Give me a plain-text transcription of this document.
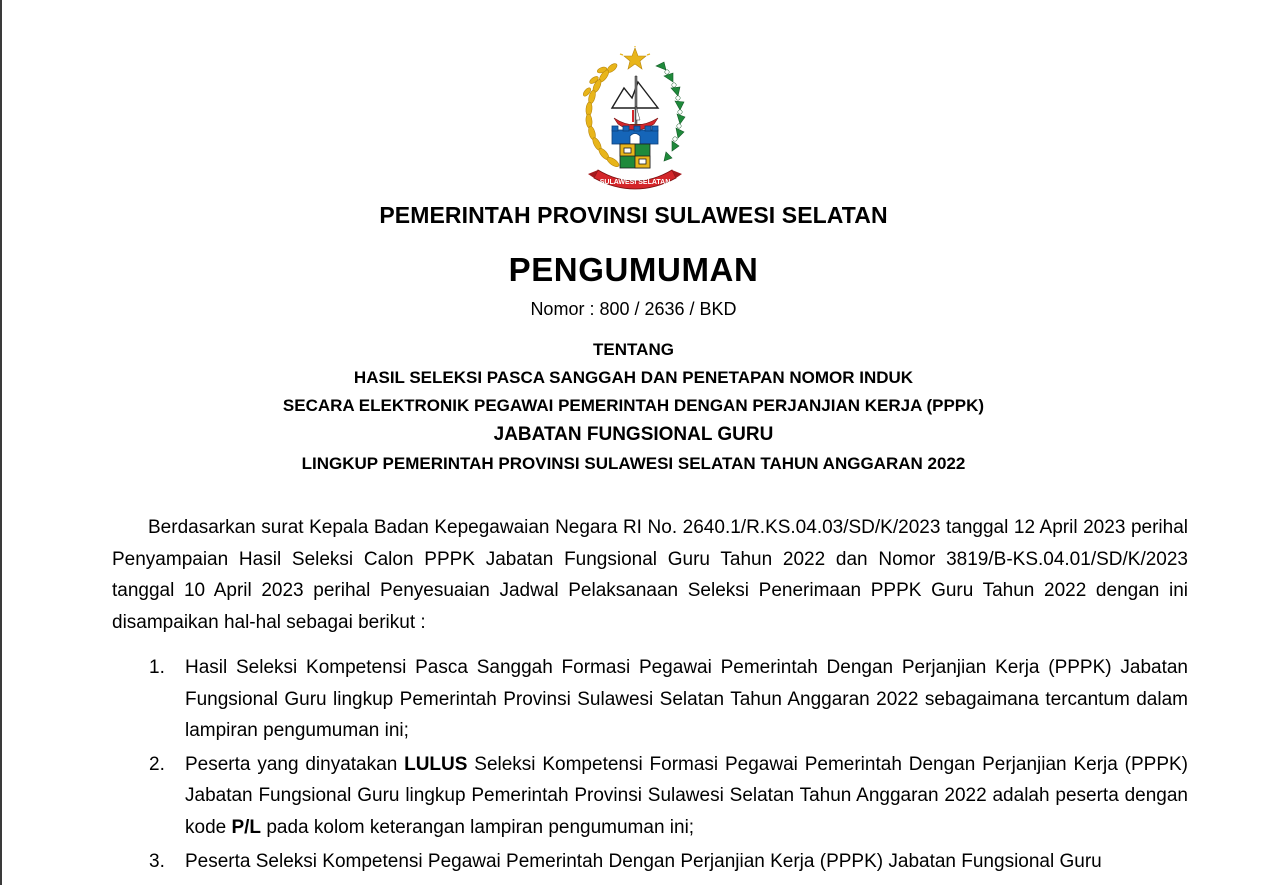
SULAWESI SELATAN
PEMERINTAH PROVINSI SULAWESI SELATAN
PENGUMUMAN
Nomor : 800 / 2636 / BKD
TENTANG
HASIL SELEKSI PASCA SANGGAH DAN PENETAPAN NOMOR INDUK
SECARA ELEKTRONIK PEGAWAI PEMERINTAH DENGAN PERJANJIAN KERJA (PPPK)
JABATAN FUNGSIONAL GURU
LINGKUP PEMERINTAH PROVINSI SULAWESI SELATAN TAHUN ANGGARAN 2022
Berdasarkan surat Kepala Badan Kepegawaian Negara RI No. 2640.1/R.KS.04.03/SD/K/2023 tanggal 12 April 2023 perihal Penyampaian Hasil Seleksi Calon PPPK Jabatan Fungsional Guru Tahun 2022 dan Nomor 3819/B-KS.04.01/SD/K/2023 tanggal 10 April 2023 perihal Penyesuaian Jadwal Pelaksanaan Seleksi Penerimaan PPPK Guru Tahun 2022 dengan ini disampaikan hal-hal sebagai berikut :
1. Hasil Seleksi Kompetensi Pasca Sanggah Formasi Pegawai Pemerintah Dengan Perjanjian Kerja (PPPK) Jabatan Fungsional Guru lingkup Pemerintah Provinsi Sulawesi Selatan Tahun Anggaran 2022 sebagaimana tercantum dalam lampiran pengumuman ini;
2. Peserta yang dinyatakan LULUS Seleksi Kompetensi Formasi Pegawai Pemerintah Dengan Perjanjian Kerja (PPPK) Jabatan Fungsional Guru lingkup Pemerintah Provinsi Sulawesi Selatan Tahun Anggaran 2022 adalah peserta dengan kode P/L pada kolom keterangan lampiran pengumuman ini;
3. Peserta Seleksi Kompetensi Pegawai Pemerintah Dengan Perjanjian Kerja (PPPK) Jabatan Fungsional Guru
